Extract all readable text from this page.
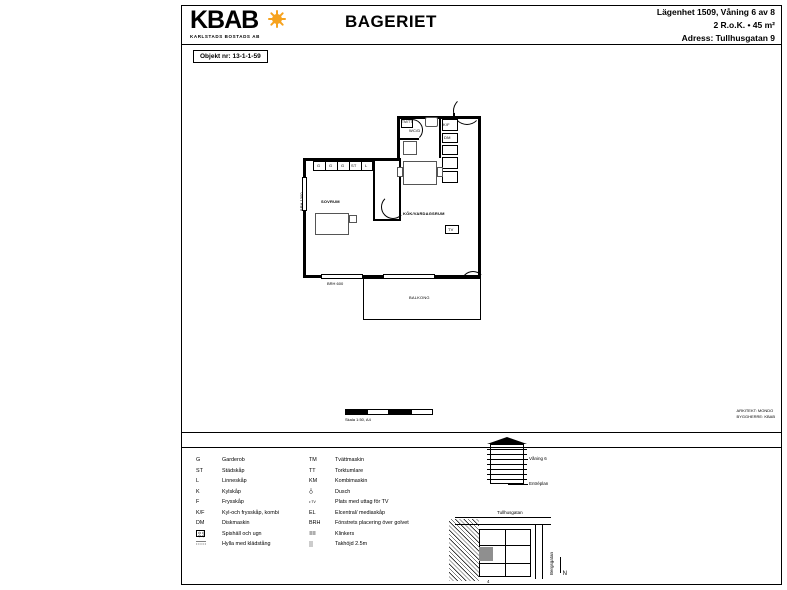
KBAB
KARLSTADS BOSTADS AB
BAGERIET	Lägenhet 1509, Våning 6 av 8
2 R.o.K. • 45 m²
Adress: Tullhusgatan 9
Objekt nr: 13-1-1-59
WC/D
TM/TT	K/F
DM
KÖK/VARDAGSRUM
TV
SOVRUM
G G G ST L
BRH 1300
BRH 600
BALKONG
Skala 1:50, A4
ARKITEKT: MONDO
BYGGHERRE: KBAB
G	Garderob
ST	Städskåp
L	Linneskåp
K	Kylskåp
F	Frysskåp
K/F	Kyl-och frysskåp, kombi
DM	Diskmaskin
Spishäll och ugn
Hylla med klädstång
TM	Tvättmaskin
TT	Torktumlare
KM	Kombimaskin
Dusch
•◦TV	Plats med uttag för TV
EL	Elcentral/ mediaskåp
BRH	Fönstrets placering över golvet
Klinkers
Takhöjd 2.5m
Våning 6
Entréplan
Tullhusgatan
Bergsgatan
4
N
